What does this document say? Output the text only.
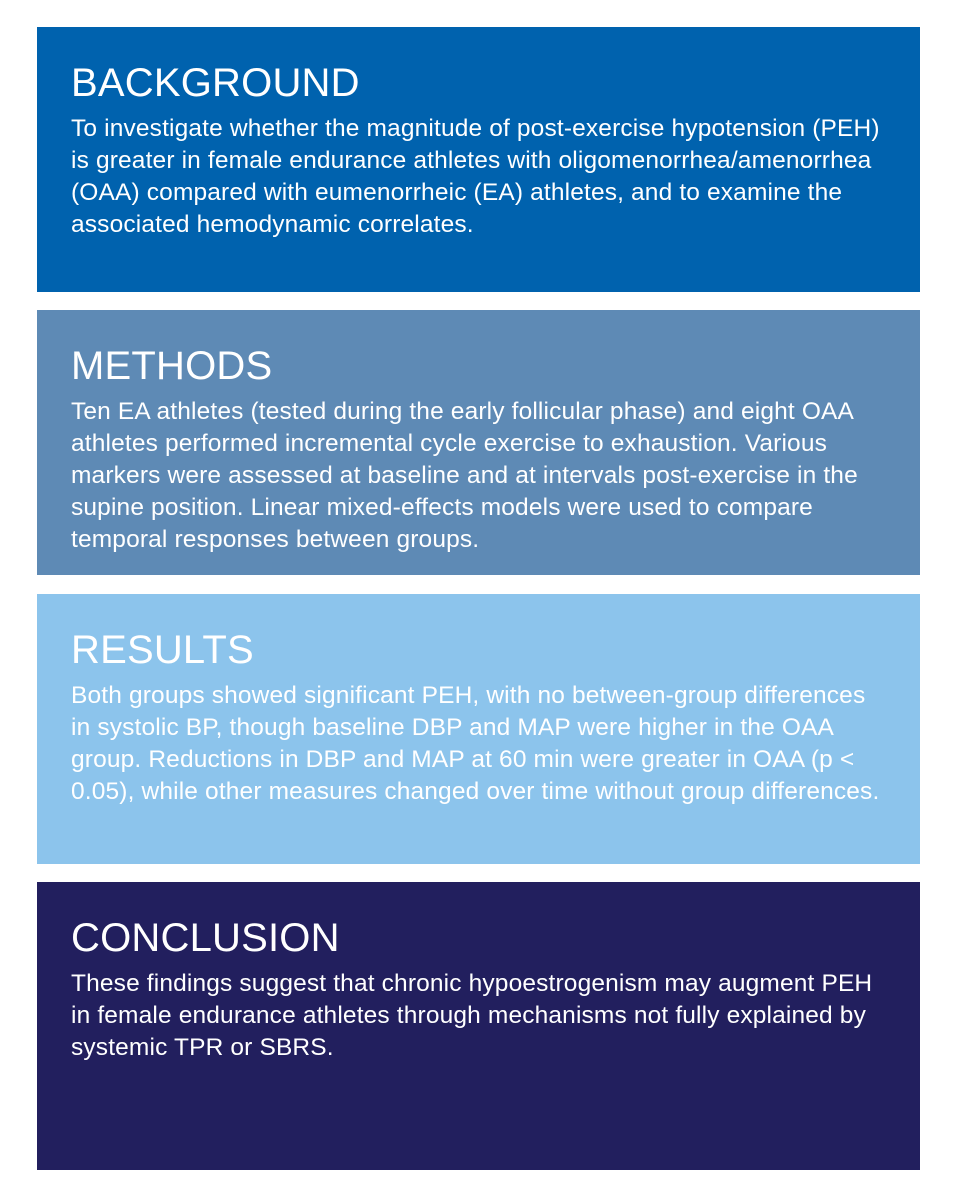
BACKGROUND

To investigate whether the magnitude of post-exercise hypotension (PEH) is greater in female endurance athletes with oligomenorrhea/amenorrhea (OAA) compared with eumenorrheic (EA) athletes, and to examine the associated hemodynamic correlates.

METHODS

Ten EA athletes (tested during the early follicular phase) and eight OAA athletes performed incremental cycle exercise to exhaustion. Various markers were assessed at baseline and at intervals post-exercise in the supine position. Linear mixed-effects models were used to compare temporal responses between groups.

RESULTS

Both groups showed significant PEH, with no between-group differences in systolic BP, though baseline DBP and MAP were higher in the OAA group. Reductions in DBP and MAP at 60 min were greater in OAA (p < 0.05), while other measures changed over time without group differences.

CONCLUSION

These findings suggest that chronic hypoestrogenism may augment PEH in female endurance athletes through mechanisms not fully explained by systemic TPR or SBRS.
